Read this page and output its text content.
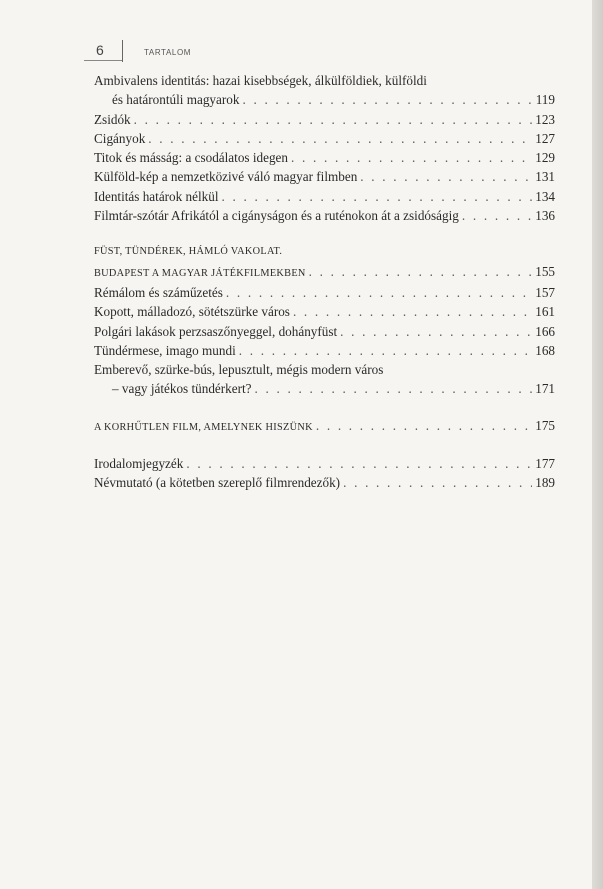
6	TARTALOM
Ambivalens identitás: hazai kisebbségek, álkülföldiek, külföldi
és határontúli magyarok . . .	119
Zsidók . . .	123
Cigányok . . .	127
Titok és másság: a csodálatos idegen . . .	129
Külföld-kép a nemzetközivé váló magyar filmben . . .	131
Identitás határok nélkül . . .	134
Filmtár-szótár Afrikától a cigányságon és a ruténokon át a zsidóságig . . .	136
FÜST, TÜNDÉREK, HÁMLÓ VAKOLAT.
BUDAPEST A MAGYAR JÁTÉKFILMEKBEN . . .	155
Rémálom és száműzetés . . .	157
Kopott, málladozó, sötétszürke város . . .	161
Polgári lakások perzsaszőnyeggel, dohányfüst . . .	166
Tündérmese, imago mundi . . .	168
Emberevő, szürke-bús, lepusztult, mégis modern város
– vagy játékos tündérkert? . . .	171
A KORHŰTLEN FILM, AMELYNEK HISZÜNK . . .	175
Irodalomjegyzék . . .	177
Névmutató (a kötetben szereplő filmrendezők) . . .	189
